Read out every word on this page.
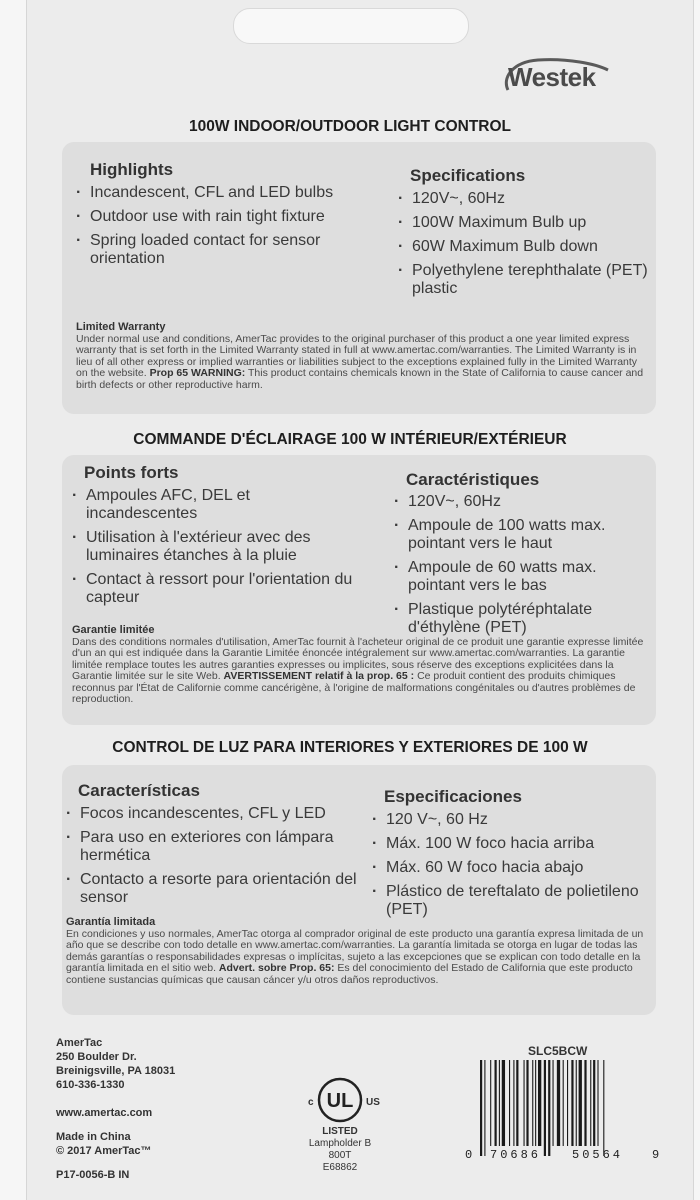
Westek
100W INDOOR/OUTDOOR LIGHT CONTROL
Highlights
· Incandescent, CFL and LED bulbs
· Outdoor use with rain tight fixture
· Spring loaded contact for sensor orientation
Specifications
· 120V~, 60Hz
· 100W Maximum Bulb up
· 60W Maximum Bulb down
· Polyethylene terephthalate (PET) plastic
Limited Warranty
Under normal use and conditions, AmerTac provides to the original purchaser of this product a one year limited express warranty that is set forth in the Limited Warranty stated in full at www.amertac.com/warranties. The Limited Warranty is in lieu of all other express or implied warranties or liabilities subject to the exceptions explained fully in the Limited Warranty on the website. Prop 65 WARNING: This product contains chemicals known in the State of California to cause cancer and birth defects or other reproductive harm.
COMMANDE D'ÉCLAIRAGE 100 W INTÉRIEUR/EXTÉRIEUR
Points forts
· Ampoules AFC, DEL et incandescentes
· Utilisation à l'extérieur avec des luminaires étanches à la pluie
· Contact à ressort pour l'orientation du capteur
Caractéristiques
· 120V~, 60Hz
· Ampoule de 100 watts max. pointant vers le haut
· Ampoule de 60 watts max. pointant vers le bas
· Plastique polytéréphtalate d'éthylène (PET)
Garantie limitée
Dans des conditions normales d'utilisation, AmerTac fournit à l'acheteur original de ce produit une garantie expresse limitée d'un an qui est indiquée dans la Garantie Limitée énoncée intégralement sur www.amertac.com/warranties. La garantie limitée remplace toutes les autres garanties expresses ou implicites, sous réserve des exceptions explicitées dans la Garantie limitée sur le site Web. AVERTISSEMENT relatif à la prop. 65 : Ce produit contient des produits chimiques reconnus par l'État de Californie comme cancérigène, à l'origine de malformations congénitales ou d'autres problèmes de reproduction.
CONTROL DE LUZ PARA INTERIORES Y EXTERIORES DE 100 W
Características
· Focos incandescentes, CFL y LED
· Para uso en exteriores con lámpara hermética
· Contacto a resorte para orientación del sensor
Especificaciones
· 120 V~, 60 Hz
· Máx. 100 W foco hacia arriba
· Máx. 60 W foco hacia abajo
· Plástico de tereftalato de polietileno (PET)
Garantía limitada
En condiciones y uso normales, AmerTac otorga al comprador original de este producto una garantía expresa limitada de un año que se describe con todo detalle en www.amertac.com/warranties. La garantía limitada se otorga en lugar de todas las demás garantías o responsabilidades expresas o implícitas, sujeto a las excepciones que se explican con todo detalle en la garantía limitada en el sitio web. Advert. sobre Prop. 65: Es del conocimiento del Estado de California que este producto contiene sustancias químicas que causan cáncer y/u otros daños reproductivos.
AmerTac
250 Boulder Dr.
Breinigsville, PA 18031
610-336-1330
www.amertac.com
Made in China
© 2017 AmerTac™
P17-0056-B IN
SLC5BCW
UL
c	US
LISTED
Lampholder B
800T
E68862
0 70686	50564 9
